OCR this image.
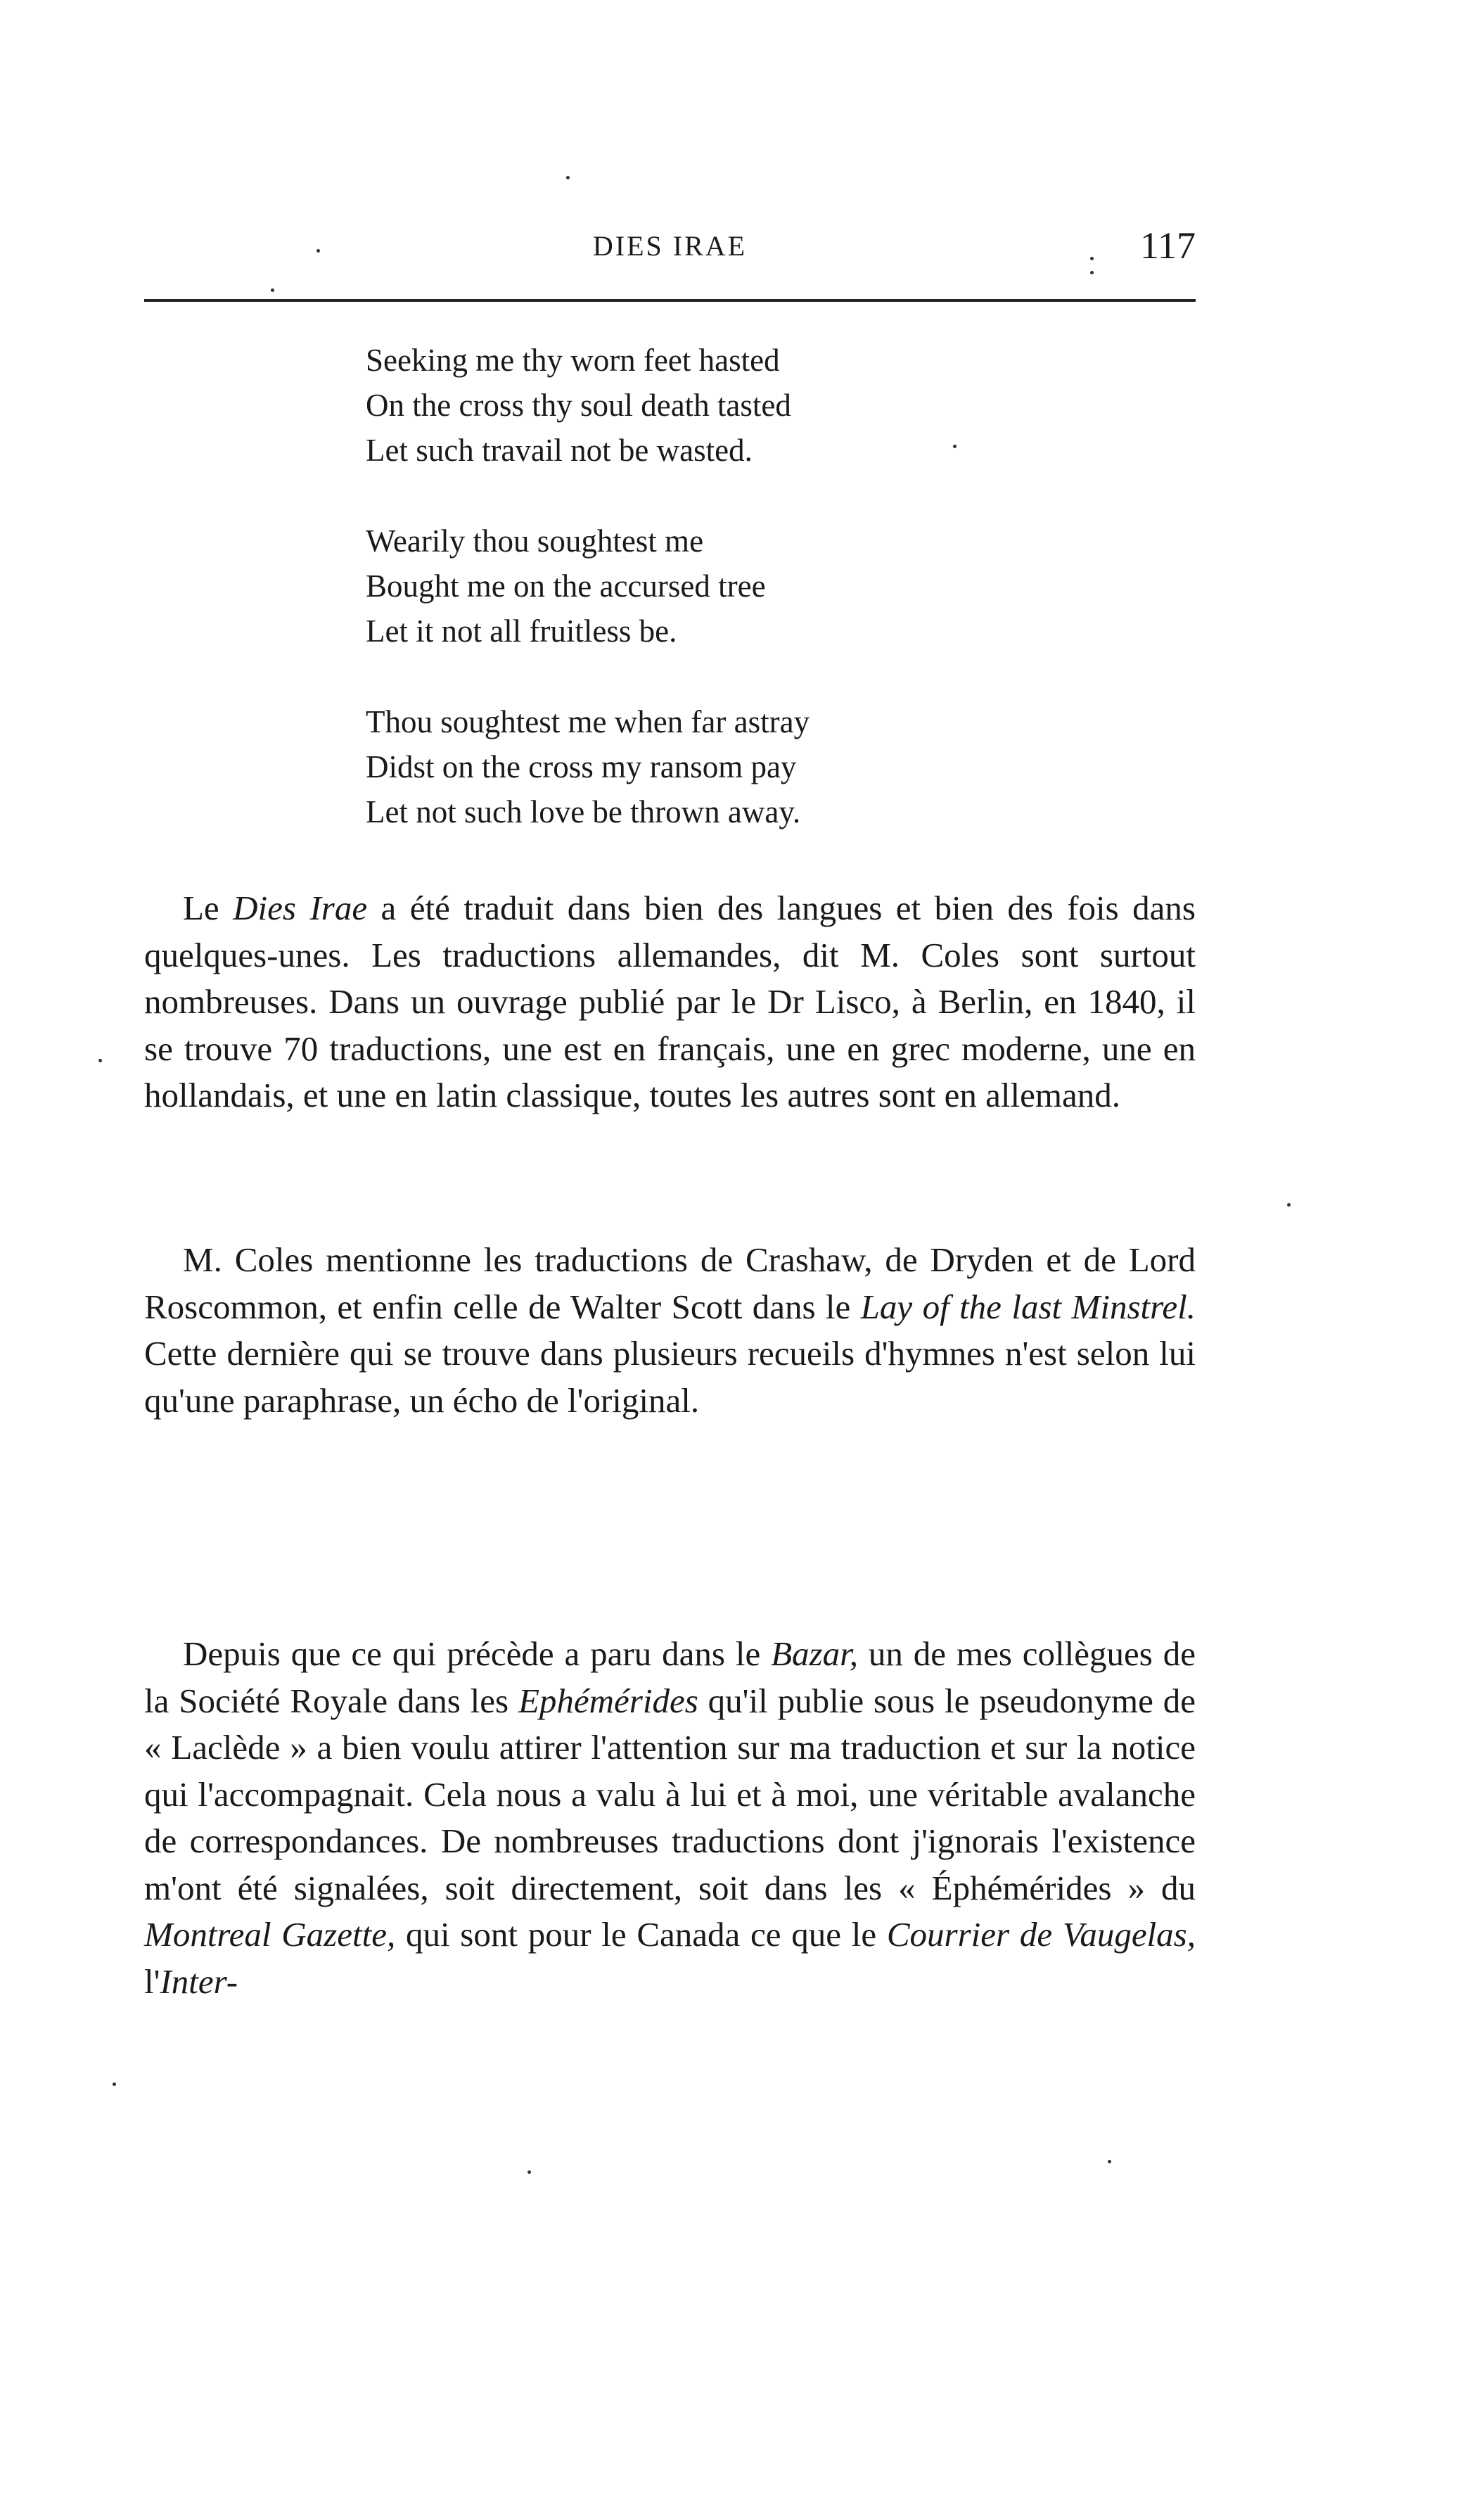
DIES IRAE	117
Seeking me thy worn feet hasted
On the cross thy soul death tasted
Let such travail not be wasted.
Wearily thou soughtest me
Bought me on the accursed tree
Let it not all fruitless be.
Thou soughtest me when far astray
Didst on the cross my ransom pay
Let not such love be thrown away.

Le Dies Irae a été traduit dans bien des langues et bien des fois dans quelques-unes. Les traductions allemandes, dit M. Coles sont surtout nombreuses. Dans un ouvrage publié par le Dr Lisco, à Berlin, en 1840, il se trouve 70 traductions, une est en français, une en grec moderne, une en hollandais, et une en latin classique, toutes les autres sont en allemand.

M. Coles mentionne les traductions de Crashaw, de Dryden et de Lord Roscommon, et enfin celle de Walter Scott dans le Lay of the last Minstrel. Cette dernière qui se trouve dans plusieurs recueils d'hymnes n'est selon lui qu'une paraphrase, un écho de l'original.

Depuis que ce qui précède a paru dans le Bazar, un de mes collègues de la Société Royale dans les Ephémérides qu'il publie sous le pseudonyme de « Laclède » a bien voulu attirer l'attention sur ma traduction et sur la notice qui l'accompagnait. Cela nous a valu à lui et à moi, une véritable avalanche de correspondances. De nombreuses traductions dont j'ignorais l'existence m'ont été signalées, soit directement, soit dans les « Éphémérides » du Montreal Gazette, qui sont pour le Canada ce que le Courrier de Vaugelas, l'Inter-
